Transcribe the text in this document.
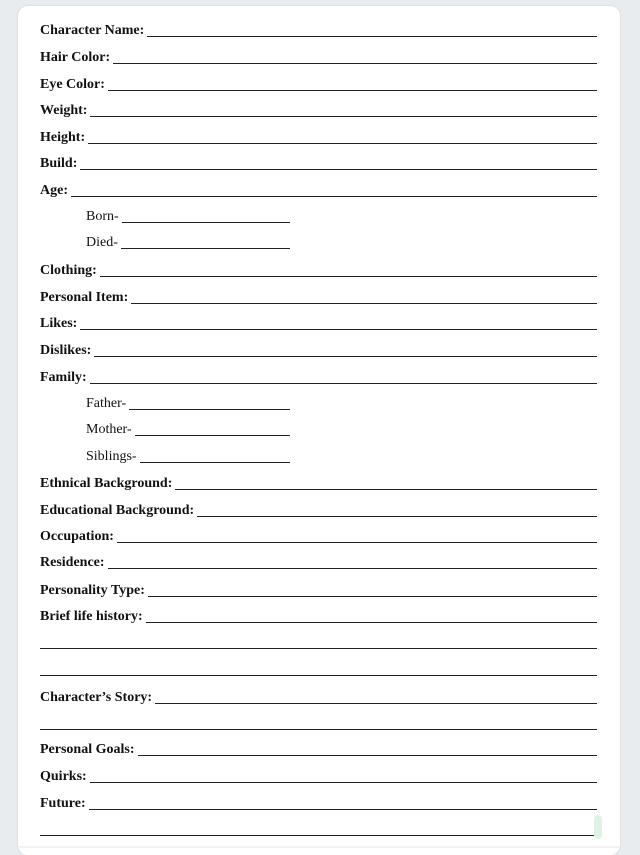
Character Name:
Hair Color:
Eye Color:
Weight:
Height:
Build:
Age:
Born-
Died-
Clothing:
Personal Item:
Likes:
Dislikes:
Family:
Father-
Mother-
Siblings-
Ethnical Background:
Educational Background:
Occupation:
Residence:
Personality Type:
Brief life history:
Character’s Story:
Personal Goals:
Quirks:
Future:
